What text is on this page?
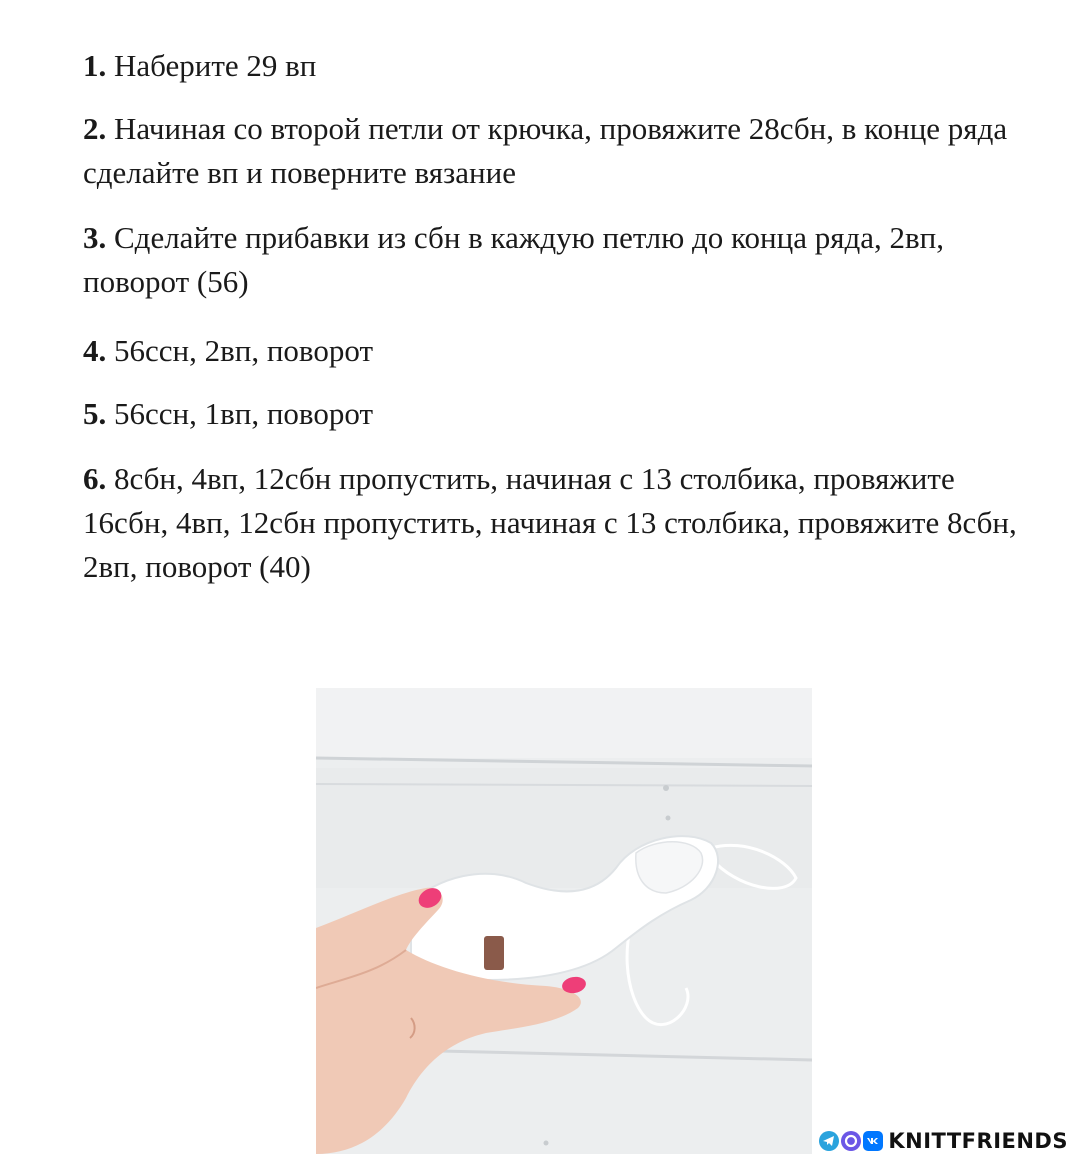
1. Наберите 29 вп

2. Начиная со второй петли от крючка, провяжите 28сбн, в конце ряда сделайте вп и поверните вязание

3. Сделайте прибавки из сбн в каждую петлю до конца ряда, 2вп, поворот (56)

4. 56ссн, 2вп, поворот

5. 56ссн, 1вп, поворот

6. 8сбн, 4вп, 12сбн пропустить, начиная с 13 столбика, провяжите 16сбн, 4вп, 12сбн пропустить, начиная с 13 столбика, провяжите 8сбн, 2вп, поворот (40)

KNITTFRIENDS
